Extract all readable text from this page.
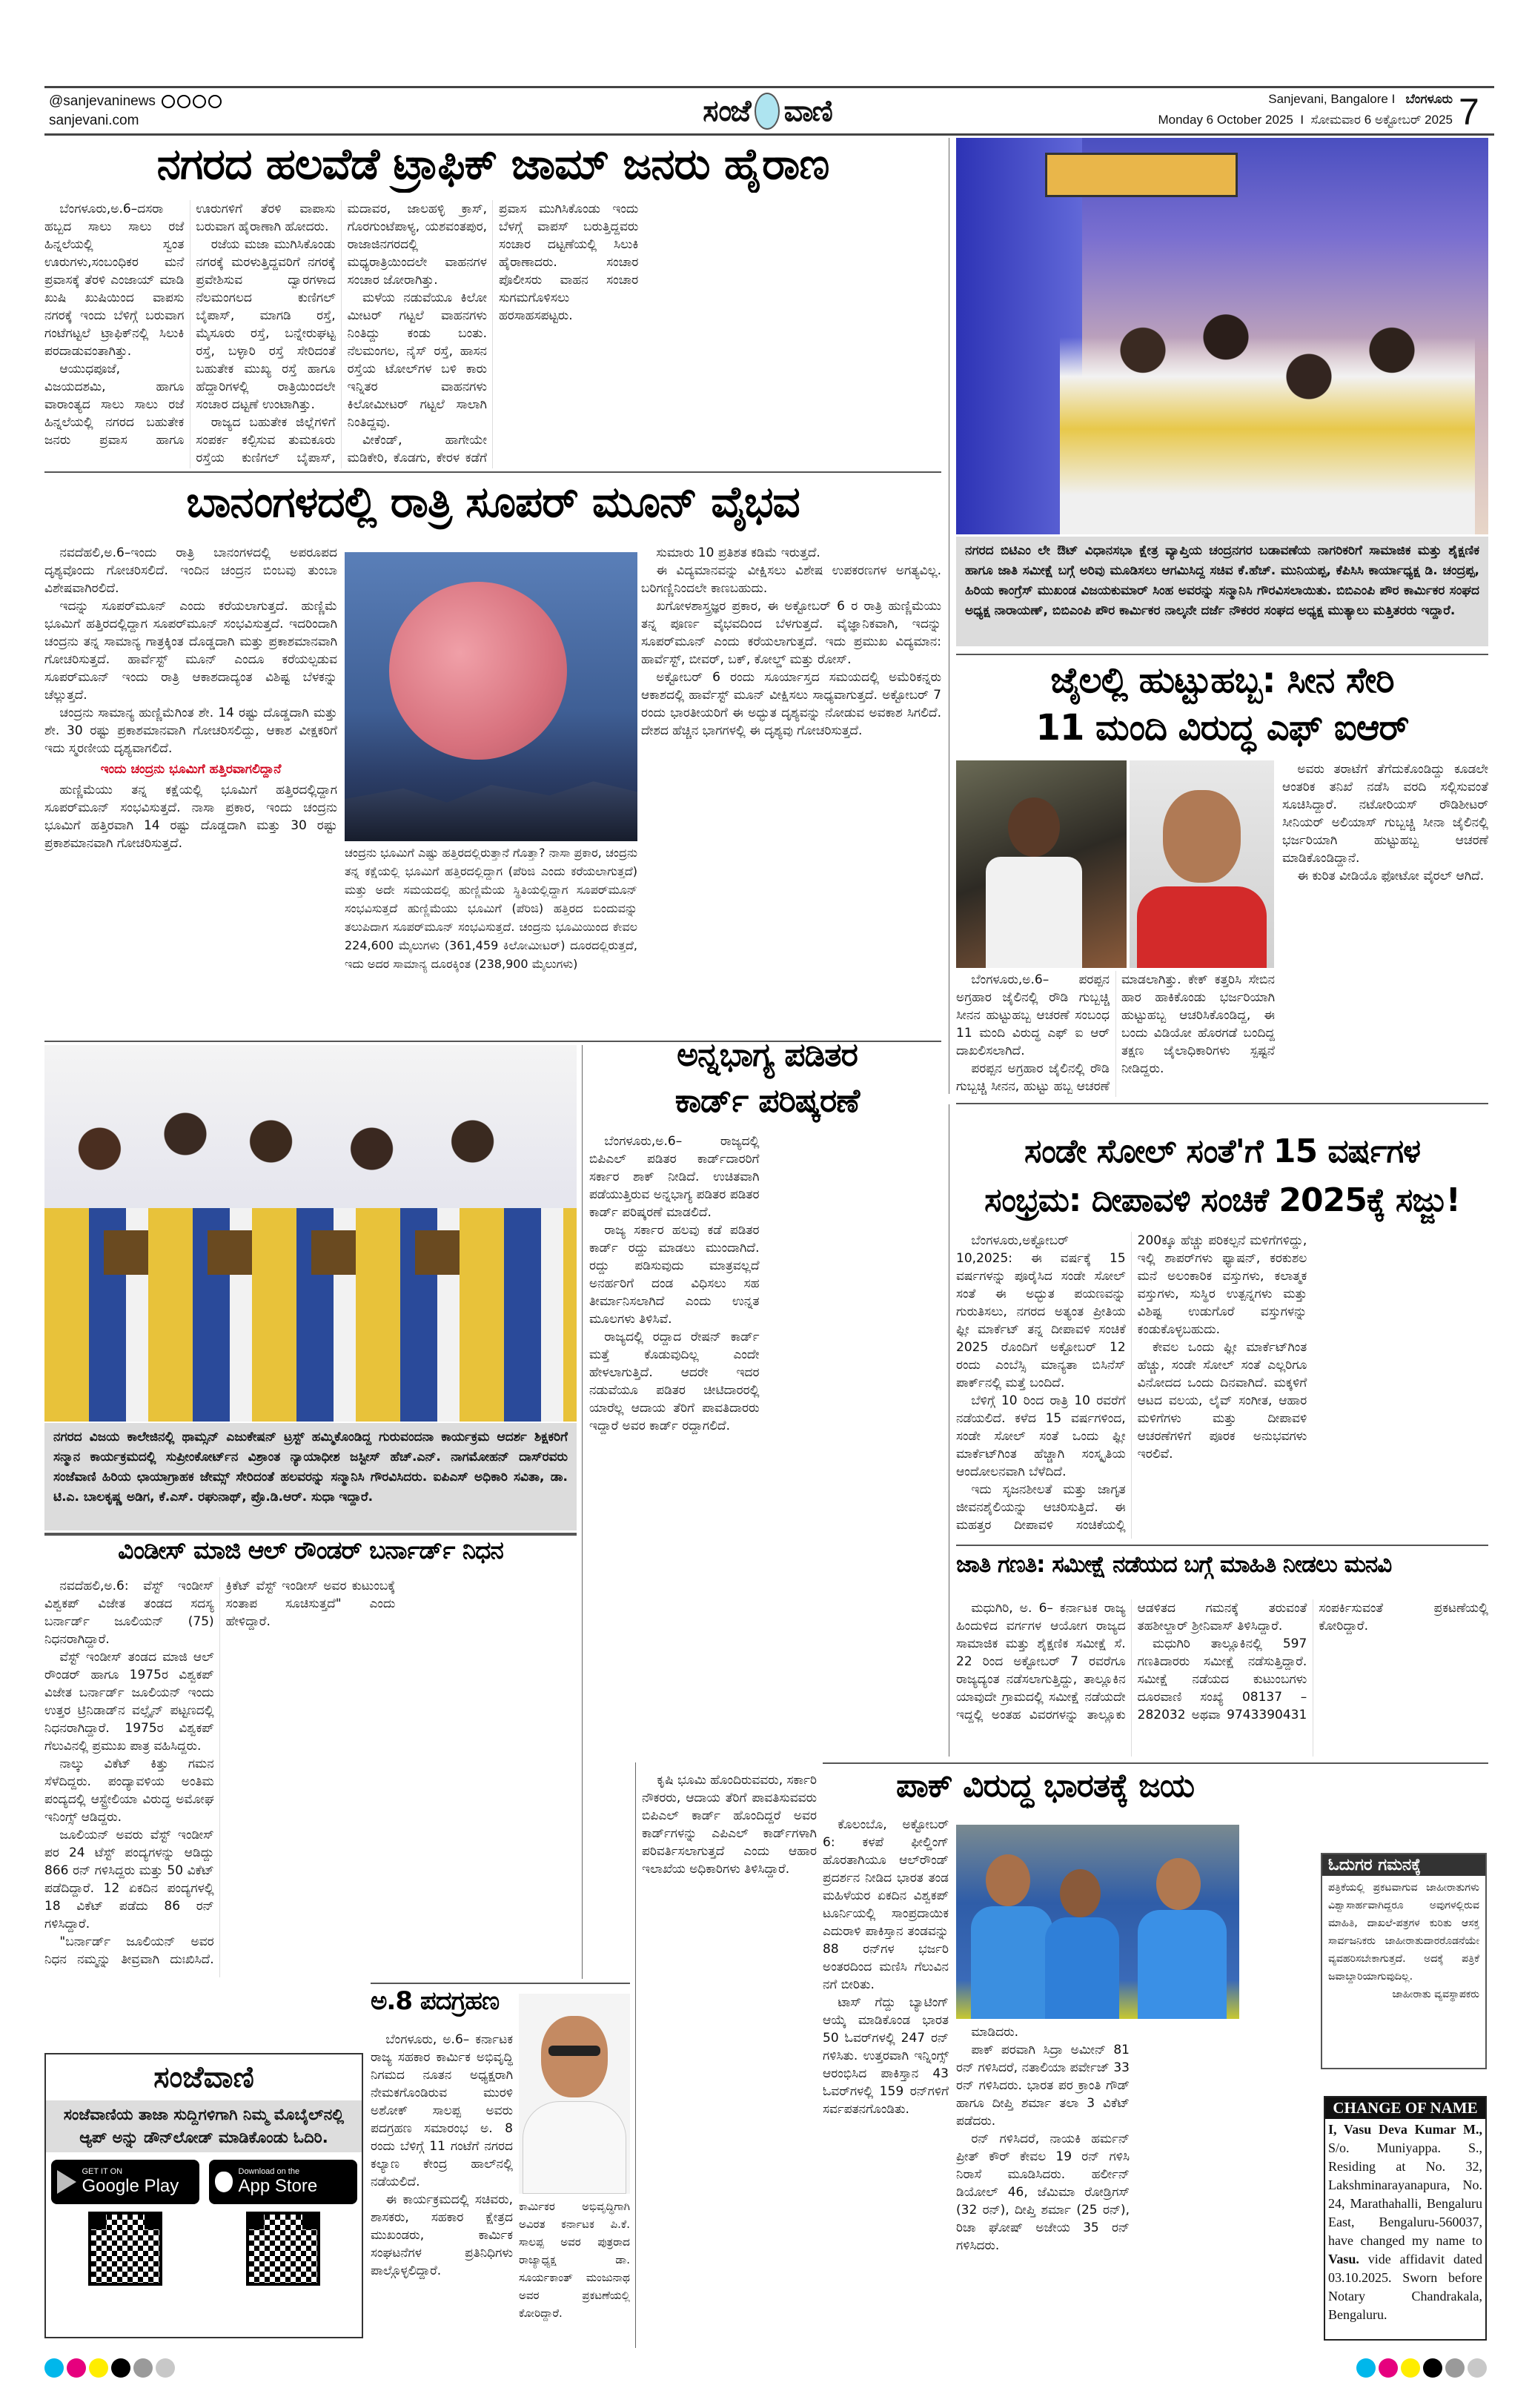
@sanjevaninews
sanjevani.com	ಸಂಜೆ ವಾಣಿ	Sanjevani, Bangalore I ಬೆಂಗಳೂರು
Monday 6 October 2025 I ಸೋಮವಾರ 6 ಅಕ್ಟೋಬರ್ 2025 7
ನಗರದ ಹಲವೆಡೆ ಟ್ರಾಫಿಕ್ ಜಾಮ್ ಜನರು ಹೈರಾಣ

ಬೆಂಗಳೂರು,ಅ.6–ದಸರಾ ಹಬ್ಬದ ಸಾಲು ಸಾಲು ರಜೆ ಹಿನ್ನಲೆಯಲ್ಲಿ ಸ್ವಂತ ಊರುಗಳು,ಸಂಬಂಧಿಕರ ಮನೆ ಪ್ರವಾಸಕ್ಕೆ ತೆರಳಿ ಎಂಜಾಯ್ ಮಾಡಿ ಖುಷಿ ಖುಷಿಯಿಂದ ವಾಪಸು ನಗರಕ್ಕೆ ಇಂದು ಬೆಳಿಗ್ಗೆ ಬರುವಾಗ ಗಂಟೆಗಟ್ಟಲೆ ಟ್ರಾಫಿಕ್‌ನಲ್ಲಿ ಸಿಲುಕಿ ಪರದಾಡುವಂತಾಗಿತ್ತು.

ಆಯುಧಪೂಜೆ, ವಿಜಯದಶಮಿ, ಹಾಗೂ ವಾರಾಂತ್ಯದ ಸಾಲು ಸಾಲು ರಜೆ ಹಿನ್ನಲೆಯಲ್ಲಿ ನಗರದ ಬಹುತೇಕ ಜನರು ಪ್ರವಾಸ ಹಾಗೂ ಊರುಗಳಿಗೆ ತೆರಳಿ ವಾಪಾಸು ಬರುವಾಗ ಹೈರಾಣಾಗಿ ಹೋದರು.

ರಜೆಯ ಮಜಾ ಮುಗಿಸಿಕೊಂಡು ನಗರಕ್ಕೆ ಮರಳುತ್ತಿದ್ದವರಿಗೆ ನಗರಕ್ಕೆ ಪ್ರವೇಶಿಸುವ ದ್ವಾರಗಳಾದ ನೆಲಮಂಗಲದ ಕುಣಿಗಲ್ ಬೈಪಾಸ್, ಮಾಗಡಿ ರಸ್ತೆ, ಮೈಸೂರು ರಸ್ತೆ, ಬನ್ನೇರುಘಟ್ಟ ರಸ್ತೆ, ಬಳ್ಳಾರಿ ರಸ್ತೆ ಸೇರಿದಂತೆ ಬಹುತೇಕ ಮುಖ್ಯ ರಸ್ತೆ ಹಾಗೂ ಹೆದ್ದಾರಿಗಳಲ್ಲಿ ರಾತ್ರಿಯಿಂದಲೇ ಸಂಚಾರ ದಟ್ಟಣೆ ಉಂಟಾಗಿತ್ತು.

ರಾಜ್ಯದ ಬಹುತೇಕ ಜಿಲ್ಲೆಗಳಿಗೆ ಸಂಪರ್ಕ ಕಲ್ಪಿಸುವ ತುಮಕೂರು ರಸ್ತೆಯ ಕುಣಿಗಲ್ ಬೈಪಾಸ್, ಮದಾವರ, ಜಾಲಹಳ್ಳಿ ಕ್ರಾಸ್, ಗೊರಗುಂಟೆಪಾಳ್ಯ, ಯಶವಂತಪುರ, ರಾಜಾಜಿನಗರದಲ್ಲಿ ಮಧ್ಯರಾತ್ರಿಯಿಂದಲೇ ವಾಹನಗಳ ಸಂಚಾರ ಜೋರಾಗಿತ್ತು.

ಮಳೆಯ ನಡುವೆಯೂ ಕಿಲೋ ಮೀಟರ್ ಗಟ್ಟಲೆ ವಾಹನಗಳು ನಿಂತಿದ್ದು ಕಂಡು ಬಂತು. ನೆಲಮಂಗಲ, ನೈಸ್ ರಸ್ತೆ, ಹಾಸನ ರಸ್ತೆಯ ಟೋಲ್‌ಗಳ ಬಳಿ ಕಾರು ಇನ್ನಿತರ ವಾಹನಗಳು ಕಿಲೋಮೀಟರ್ ಗಟ್ಟಲೆ ಸಾಲಾಗಿ ನಿಂತಿದ್ದವು.

ವೀಕೆಂಡ್, ಹಾಗೇಯೇ ಮಡಿಕೇರಿ, ಕೊಡಗು, ಕೇರಳ ಕಡೆಗೆ ಪ್ರವಾಸ ಮುಗಿಸಿಕೊಂಡು ಇಂದು ಬೆಳಗ್ಗೆ ವಾಪಸ್ ಬರುತ್ತಿದ್ದವರು ಸಂಚಾರ ದಟ್ಟಣೆಯಲ್ಲಿ ಸಿಲುಕಿ ಹೈರಾಣಾದರು. ಸಂಚಾರ ಪೊಲೀಸರು ವಾಹನ ಸಂಚಾರ ಸುಗಮಗೊಳಿಸಲು ಹರಸಾಹಸಪಟ್ಟರು.

ನಗರದ ಬಿಟಿಎಂ ಲೇ ಔಟ್ ವಿಧಾನಸಭಾ ಕ್ಷೇತ್ರ ವ್ಯಾಪ್ತಿಯ ಚಂದ್ರನಗರ ಬಡಾವಣೆಯ ನಾಗರಿಕರಿಗೆ ಸಾಮಾಜಿಕ ಮತ್ತು ಶೈಕ್ಷಣಿಕ ಹಾಗೂ ಜಾತಿ ಸಮೀಕ್ಷೆ ಬಗ್ಗೆ ಅರಿವು ಮೂಡಿಸಲು ಆಗಮಿಸಿದ್ದ ಸಚಿವ ಕೆ.ಹೆಚ್. ಮುನಿಯಪ್ಪ, ಕೆಪಿಸಿಸಿ ಕಾರ್ಯಾಧ್ಯಕ್ಷ ಡಿ. ಚಂದ್ರಪ್ಪ, ಹಿರಿಯ ಕಾಂಗ್ರೆಸ್ ಮುಖಂಡ ವಿಜಯಕುಮಾರ್ ಸಿಂಹ ಅವರನ್ನು ಸನ್ಮಾನಿಸಿ ಗೌರವಿಸಲಾಯಿತು. ಬಿಬಿಎಂಪಿ ಪೌರ ಕಾರ್ಮಿಕರ ಸಂಘದ ಅಧ್ಯಕ್ಷ ನಾರಾಯಣ್, ಬಿಬಿಎಂಪಿ ಪೌರ ಕಾರ್ಮಿಕರ ನಾಲ್ಕನೇ ದರ್ಜೆ ನೌಕರರ ಸಂಘದ ಅಧ್ಯಕ್ಷ ಮುತ್ಯಾಲು ಮತ್ತಿತರರು ಇದ್ದಾರೆ.
ಬಾನಂಗಳದಲ್ಲಿ ರಾತ್ರಿ ಸೂಪರ್ ಮೂನ್ ವೈಭವ

ನವದೆಹಲಿ,ಅ.6–ಇಂದು ರಾತ್ರಿ ಬಾನಂಗಳದಲ್ಲಿ ಅಪರೂಪದ ದೃಶ್ಯವೊಂದು ಗೋಚರಿಸಲಿದೆ. ಇಂದಿನ ಚಂದ್ರನ ಬಿಂಬವು ತುಂಬಾ ವಿಶೇಷವಾಗಿರಲಿದೆ.

ಇದನ್ನು ಸೂಪರ್‌ಮೂನ್ ಎಂದು ಕರೆಯಲಾಗುತ್ತದೆ. ಹುಣ್ಣಿಮೆ ಭೂಮಿಗೆ ಹತ್ತಿರದಲ್ಲಿದ್ದಾಗ ಸೂಪರ್‌ಮೂನ್ ಸಂಭವಿಸುತ್ತದೆ. ಇದರಿಂದಾಗಿ ಚಂದ್ರನು ತನ್ನ ಸಾಮಾನ್ಯ ಗಾತ್ರಕ್ಕಿಂತ ದೊಡ್ಡದಾಗಿ ಮತ್ತು ಪ್ರಕಾಶಮಾನವಾಗಿ ಗೋಚರಿಸುತ್ತದೆ. ಹಾರ್ವೆಸ್ಟ್ ಮೂನ್ ಎಂದೂ ಕರೆಯಲ್ಪಡುವ ಸೂಪರ್‌ಮೂನ್ ಇಂದು ರಾತ್ರಿ ಆಕಾಶದಾದ್ಯಂತ ವಿಶಿಷ್ಟ ಬೆಳಕನ್ನು ಚೆಲ್ಲುತ್ತದೆ.

ಚಂದ್ರನು ಸಾಮಾನ್ಯ ಹುಣ್ಣಿಮೆಗಿಂತ ಶೇ. 14 ರಷ್ಟು ದೊಡ್ಡದಾಗಿ ಮತ್ತು ಶೇ. 30 ರಷ್ಟು ಪ್ರಕಾಶಮಾನವಾಗಿ ಗೋಚರಿಸಲಿದ್ದು, ಆಕಾಶ ವೀಕ್ಷಕರಿಗೆ ಇದು ಸ್ಮರಣೀಯ ದೃಶ್ಯವಾಗಲಿದೆ.

ಇಂದು ಚಂದ್ರನು ಭೂಮಿಗೆ ಹತ್ತಿರವಾಗಲಿದ್ದಾನೆ

ಹುಣ್ಣಿಮೆಯು ತನ್ನ ಕಕ್ಷೆಯಲ್ಲಿ ಭೂಮಿಗೆ ಹತ್ತಿರದಲ್ಲಿದ್ದಾಗ ಸೂಪರ್‌ಮೂನ್ ಸಂಭವಿಸುತ್ತದೆ. ನಾಸಾ ಪ್ರಕಾರ, ಇಂದು ಚಂದ್ರನು ಭೂಮಿಗೆ ಹತ್ತಿರವಾಗಿ 14 ರಷ್ಟು ದೊಡ್ಡದಾಗಿ ಮತ್ತು 30 ರಷ್ಟು ಪ್ರಕಾಶಮಾನವಾಗಿ ಗೋಚರಿಸುತ್ತದೆ.

ಚಂದ್ರನು ಭೂಮಿಗೆ ಎಷ್ಟು ಹತ್ತಿರದಲ್ಲಿರುತ್ತಾನೆ ಗೊತ್ತಾ? ನಾಸಾ ಪ್ರಕಾರ, ಚಂದ್ರನು ತನ್ನ ಕಕ್ಷೆಯಲ್ಲಿ ಭೂಮಿಗೆ ಹತ್ತಿರದಲ್ಲಿದ್ದಾಗ (ಪೆರಿಜಿ ಎಂದು ಕರೆಯಲಾಗುತ್ತದೆ) ಮತ್ತು ಅದೇ ಸಮಯದಲ್ಲಿ ಹುಣ್ಣಿಮೆಯ ಸ್ಥಿತಿಯಲ್ಲಿದ್ದಾಗ ಸೂಪರ್‌ಮೂನ್ ಸಂಭವಿಸುತ್ತದೆ ಹುಣ್ಣಿಮೆಯು ಭೂಮಿಗೆ (ಪೆರಿಜಿ) ಹತ್ತಿರದ ಬಿಂದುವನ್ನು ತಲುಪಿದಾಗ ಸೂಪರ್‌ಮೂನ್ ಸಂಭವಿಸುತ್ತದೆ. ಚಂದ್ರನು ಭೂಮಿಯಿಂದ ಕೇವಲ 224,600 ಮೈಲುಗಳು (361,459 ಕಿಲೋಮೀಟರ್) ದೂರದಲ್ಲಿರುತ್ತದೆ, ಇದು ಅದರ ಸಾಮಾನ್ಯ ದೂರಕ್ಕಿಂತ (238,900 ಮೈಲುಗಳು)

ಸುಮಾರು 10 ಪ್ರತಿಶತ ಕಡಿಮೆ ಇರುತ್ತದೆ.

ಈ ವಿದ್ಯಮಾನವನ್ನು ವೀಕ್ಷಿಸಲು ವಿಶೇಷ ಉಪಕರಣಗಳ ಅಗತ್ಯವಿಲ್ಲ. ಬರಿಗಣ್ಣಿನಿಂದಲೇ ಕಾಣಬಹುದು.

ಖಗೋಳಶಾಸ್ತ್ರಜ್ಞರ ಪ್ರಕಾರ, ಈ ಅಕ್ಟೋಬರ್ 6 ರ ರಾತ್ರಿ ಹುಣ್ಣಿಮೆಯು ತನ್ನ ಪೂರ್ಣ ವೈಭವದಿಂದ ಬೆಳಗುತ್ತದೆ. ವೈಜ್ಞಾನಿಕವಾಗಿ, ಇದನ್ನು ಸೂಪರ್‌ಮೂನ್ ಎಂದು ಕರೆಯಲಾಗುತ್ತದೆ. ಇದು ಪ್ರಮುಖ ವಿದ್ಯಮಾನ: ಹಾರ್ವೆಸ್ಟ್, ಬೀವರ್, ಬಕ್, ಕೋಲ್ಡ್ ಮತ್ತು ರೋಸ್.

ಅಕ್ಟೋಬರ್ 6 ರಂದು ಸೂರ್ಯಾಸ್ತದ ಸಮಯದಲ್ಲಿ ಅಮೆರಿಕನ್ನರು ಆಕಾಶದಲ್ಲಿ ಹಾರ್ವೆಸ್ಟ್ ಮೂನ್ ವೀಕ್ಷಿಸಲು ಸಾಧ್ಯವಾಗುತ್ತದೆ. ಅಕ್ಟೋಬರ್ 7 ರಂದು ಭಾರತೀಯರಿಗೆ ಈ ಅದ್ಭುತ ದೃಶ್ಯವನ್ನು ನೋಡುವ ಅವಕಾಶ ಸಿಗಲಿದೆ. ದೇಶದ ಹೆಚ್ಚಿನ ಭಾಗಗಳಲ್ಲಿ ಈ ದೃಶ್ಯವು ಗೋಚರಿಸುತ್ತದೆ.

ಜೈಲಲ್ಲಿ ಹುಟ್ಟುಹಬ್ಬ: ಸೀನ ಸೇರಿ
11 ಮಂದಿ ವಿರುದ್ಧ ಎಫ್ ಐಆರ್

ಬೆಂಗಳೂರು,ಅ.6– ಪರಪ್ಪನ ಅಗ್ರಹಾರ ಜೈಲಿನಲ್ಲಿ ರೌಡಿ ಗುಬ್ಬಚ್ಚಿ ಸೀನನ ಹುಟ್ಟುಹಬ್ಬ ಆಚರಣೆ ಸಂಬಂಧ 11 ಮಂದಿ ವಿರುದ್ಧ ಎಫ್ ಐ ಆರ್ ದಾಖಲಿಸಲಾಗಿದೆ.

ಪರಪ್ಪನ ಅಗ್ರಹಾರ ಜೈಲಿನಲ್ಲಿ ರೌಡಿ ಗುಬ್ಬಚ್ಚಿ ಸೀನನ, ಹುಟ್ಟು ಹಬ್ಬ ಆಚರಣೆ ಮಾಡಲಾಗಿತ್ತು. ಕೇಕ್ ಕತ್ತರಿಸಿ ಸೇಬಿನ ಹಾರ ಹಾಕಿಕೊಂಡು ಭರ್ಜರಿಯಾಗಿ ಹುಟ್ಟುಹಬ್ಬ ಆಚರಿಸಿಕೊಂಡಿದ್ದ, ಈ ಬಂದು ವಿಡಿಯೋ ಹೊರಗಡೆ ಬಂದಿದ್ದ ತಕ್ಷಣ ಜೈಲಾಧಿಕಾರಿಗಳು ಸ್ಪಷ್ಟನೆ ನೀಡಿದ್ದರು.

ಅವರು ತರಾಟೆಗೆ ತೆಗೆದುಕೊಂಡಿದ್ದು ಕೂಡಲೇ ಆಂತರಿಕ ತನಿಖೆ ನಡೆಸಿ ವರದಿ ಸಲ್ಲಿಸುವಂತೆ ಸೂಚಿಸಿದ್ದಾರೆ. ನಟೋರಿಯಸ್ ರೌಡಿಶೀಟರ್ ಸೀನಿಯರ್ ಅಲಿಯಾಸ್ ಗುಬ್ಬಚ್ಚಿ ಸೀನಾ ಜೈಲಿನಲ್ಲಿ ಭರ್ಜರಿಯಾಗಿ ಹುಟ್ಟುಹಬ್ಬ ಆಚರಣೆ ಮಾಡಿಕೊಂಡಿದ್ದಾನೆ.

ಈ ಕುರಿತ ವೀಡಿಯೊ ಫೋಟೋ ವೈರಲ್ ಆಗಿದೆ.

ನಗರದ ವಿಜಯ ಕಾಲೇಜಿನಲ್ಲಿ ಥಾಮ್ಸನ್ ಎಜುಕೇಷನ್ ಟ್ರಸ್ಟ್ ಹಮ್ಮಿಕೊಂಡಿದ್ದ ಗುರುವಂದನಾ ಕಾರ್ಯಕ್ರಮ ಆದರ್ಶ ಶಿಕ್ಷಕರಿಗೆ ಸನ್ಮಾನ ಕಾರ್ಯಕ್ರಮದಲ್ಲಿ ಸುಪ್ರೀಂಕೋರ್ಟ್‌ನ ವಿಶ್ರಾಂತ ನ್ಯಾಯಾಧೀಶ ಜಸ್ಟೀಸ್ ಹೆಚ್.ಎನ್. ನಾಗಮೋಹನ್ ದಾಸ್‌ರವರು ಸಂಜೆವಾಣಿ ಹಿರಿಯ ಛಾಯಾಗ್ರಾಹಕ ಜೇಮ್ಸ್ ಸೇರಿದಂತೆ ಹಲವರನ್ನು ಸನ್ಮಾನಿಸಿ ಗೌರವಿಸಿದರು. ಐಪಿಎಸ್ ಅಧಿಕಾರಿ ಸವಿತಾ, ಡಾ. ಟಿ.ಎ. ಬಾಲಕೃಷ್ಣ ಅಡಿಗ, ಕೆ.ಎಸ್. ರಘುನಾಥ್, ಪ್ರೊ.ಡಿ.ಆರ್. ಸುಧಾ ಇದ್ದಾರೆ.
ಅನ್ನಭಾಗ್ಯ ಪಡಿತರ
ಕಾರ್ಡ್ ಪರಿಷ್ಕರಣೆ

ಬೆಂಗಳೂರು,ಅ.6– ರಾಜ್ಯದಲ್ಲಿ ಬಿಪಿಎಲ್ ಪಡಿತರ ಕಾರ್ಡ್‌ದಾರರಿಗೆ ಸರ್ಕಾರ ಶಾಕ್ ನೀಡಿದೆ. ಉಚಿತವಾಗಿ ಪಡೆಯುತ್ತಿರುವ ಅನ್ನಭಾಗ್ಯ ಪಡಿತರ ಪಡಿತರ ಕಾರ್ಡ್ ಪರಿಷ್ಕರಣೆ ಮಾಡಲಿದೆ.

ರಾಜ್ಯ ಸರ್ಕಾರ ಹಲವು ಕಡೆ ಪಡಿತರ ಕಾರ್ಡ್ ರದ್ದು ಮಾಡಲು ಮುಂದಾಗಿದೆ. ರದ್ದು ಪಡಿಸುವುದು ಮಾತ್ರವಲ್ಲದೆ ಅನರ್ಹರಿಗೆ ದಂಡ ವಿಧಿಸಲು ಸಹ ತೀರ್ಮಾನಿಸಲಾಗಿದೆ ಎಂದು ಉನ್ನತ ಮೂಲಗಳು ತಿಳಿಸಿವೆ.

ರಾಜ್ಯದಲ್ಲಿ ರದ್ದಾದ ರೇಷನ್ ಕಾರ್ಡ್ ಮತ್ತೆ ಕೊಡುವುದಿಲ್ಲ ಎಂದೇ ಹೇಳಲಾಗುತ್ತಿದೆ. ಆದರೇ ಇದರ ನಡುವೆಯೂ ಪಡಿತರ ಚೀಟಿದಾರರಲ್ಲಿ ಯಾರೆಲ್ಲ ಆದಾಯ ತೆರಿಗೆ ಪಾವತಿದಾರರು ಇದ್ದಾರೆ ಅವರ ಕಾರ್ಡ್ ರದ್ದಾಗಲಿದೆ.

ಕೃಷಿ ಭೂಮಿ ಹೊಂದಿರುವವರು, ಸರ್ಕಾರಿ ನೌಕರರು, ಆದಾಯ ತೆರಿಗೆ ಪಾವತಿಸುವವರು ಬಿಪಿಎಲ್ ಕಾರ್ಡ್ ಹೊಂದಿದ್ದರೆ ಅವರ ಕಾರ್ಡ್‌ಗಳನ್ನು ಎಪಿಎಲ್ ಕಾರ್ಡ್‌ಗಳಾಗಿ ಪರಿವರ್ತಿಸಲಾಗುತ್ತದೆ ಎಂದು ಆಹಾರ ಇಲಾಖೆಯ ಅಧಿಕಾರಿಗಳು ತಿಳಿಸಿದ್ದಾರೆ.

ಸಂಡೇ ಸೋಲ್ ಸಂತೆ'ಗೆ 15 ವರ್ಷಗಳ
ಸಂಭ್ರಮ: ದೀಪಾವಳಿ ಸಂಚಿಕೆ 2025ಕ್ಕೆ ಸಜ್ಜು!

ಬೆಂಗಳೂರು,ಅಕ್ಟೋಬರ್ 10,2025: ಈ ವರ್ಷಕ್ಕೆ 15 ವರ್ಷಗಳನ್ನು ಪೂರೈಸಿದ ಸಂಡೇ ಸೋಲ್ ಸಂತೆ ಈ ಅದ್ಭುತ ಪಯಣವನ್ನು ಗುರುತಿಸಲು, ನಗರದ ಅತ್ಯಂತ ಪ್ರೀತಿಯ ಫ್ಲೀ ಮಾರ್ಕೆಟ್ ತನ್ನ ದೀಪಾವಳಿ ಸಂಚಿಕೆ 2025 ರೊಂದಿಗೆ ಅಕ್ಟೋಬರ್ 12 ರಂದು ಎಂಬೆಸ್ಸಿ ಮಾನ್ಯತಾ ಬಿಸಿನೆಸ್ ಪಾರ್ಕ್‌ನಲ್ಲಿ ಮತ್ತೆ ಬಂದಿದೆ.

ಬೆಳಿಗ್ಗೆ 10 ರಿಂದ ರಾತ್ರಿ 10 ರವರೆಗೆ ನಡೆಯಲಿದೆ. ಕಳೆದ 15 ವರ್ಷಗಳಿಂದ, ಸಂಡೇ ಸೋಲ್ ಸಂತೆ ಒಂದು ಫ್ಲೀ ಮಾರ್ಕೆಟ್‌ಗಿಂತ ಹೆಚ್ಚಾಗಿ ಸಂಸ್ಕೃತಿಯ ಆಂದೋಲನವಾಗಿ ಬೆಳೆದಿದೆ.

ಇದು ಸೃಜನಶೀಲತೆ ಮತ್ತು ಜಾಗೃತ ಜೀವನಶೈಲಿಯನ್ನು ಆಚರಿಸುತ್ತಿದೆ. ಈ ಮಹತ್ತರ ದೀಪಾವಳಿ ಸಂಚಿಕೆಯಲ್ಲಿ 200ಕ್ಕೂ ಹೆಚ್ಚು ಪರಿಕಲ್ಪನೆ ಮಳಿಗೆಗಳಿದ್ದು, ಇಲ್ಲಿ ಶಾಪರ್‌ಗಳು ಫ್ಯಾಷನ್, ಕರಕುಶಲ ಮನೆ ಅಲಂಕಾರಿಕ ವಸ್ತುಗಳು, ಕಲಾತ್ಮಕ ವಸ್ತುಗಳು, ಸುಸ್ಥಿರ ಉತ್ಪನ್ನಗಳು ಮತ್ತು ವಿಶಿಷ್ಟ ಉಡುಗೊರೆ ವಸ್ತುಗಳನ್ನು ಕಂಡುಕೊಳ್ಳಬಹುದು.

ಕೇವಲ ಒಂದು ಫ್ಲೀ ಮಾರ್ಕೆಟ್‌ಗಿಂತ ಹೆಚ್ಚು, ಸಂಡೇ ಸೋಲ್ ಸಂತೆ ಎಲ್ಲರಿಗೂ ವಿನೋದದ ಒಂದು ದಿನವಾಗಿದೆ. ಮಕ್ಕಳಿಗೆ ಆಟದ ವಲಯ, ಲೈವ್ ಸಂಗೀತ, ಆಹಾರ ಮಳಿಗೆಗಳು ಮತ್ತು ದೀಪಾವಳಿ ಆಚರಣೆಗಳಿಗೆ ಪೂರಕ ಅನುಭವಗಳು ಇರಲಿವೆ.

ಜಾತಿ ಗಣತಿ: ಸಮೀಕ್ಷೆ ನಡೆಯದ ಬಗ್ಗೆ ಮಾಹಿತಿ ನೀಡಲು ಮನವಿ

ಮಧುಗಿರಿ, ಅ. 6– ಕರ್ನಾಟಕ ರಾಜ್ಯ ಹಿಂದುಳಿದ ವರ್ಗಗಳ ಆಯೋಗ ರಾಜ್ಯದ ಸಾಮಾಜಿಕ ಮತ್ತು ಶೈಕ್ಷಣಿಕ ಸಮೀಕ್ಷೆ ಸೆ. 22 ರಿಂದ ಅಕ್ಟೋಬರ್ 7 ರವರೆಗೂ ರಾಜ್ಯದ್ಯಂತ ನಡೆಸಲಾಗುತ್ತಿದ್ದು, ತಾಲ್ಲೂಕಿನ ಯಾವುದೇ ಗ್ರಾಮದಲ್ಲಿ ಸಮೀಕ್ಷೆ ನಡೆಯದೇ ಇದ್ದಲ್ಲಿ ಅಂತಹ ವಿವರಗಳನ್ನು ತಾಲ್ಲೂಕು ಆಡಳಿತದ ಗಮನಕ್ಕೆ ತರುವಂತೆ ತಹಶೀಲ್ದಾರ್ ಶ್ರೀನಿವಾಸ್ ತಿಳಿಸಿದ್ದಾರೆ.

ಮಧುಗಿರಿ ತಾಲ್ಲೂಕಿನಲ್ಲಿ 597 ಗಣತಿದಾರರು ಸಮೀಕ್ಷೆ ನಡೆಸುತ್ತಿದ್ದಾರೆ. ಸಮೀಕ್ಷೆ ನಡೆಯದ ಕುಟುಂಬಗಳು ದೂರವಾಣಿ ಸಂಖ್ಯೆ 08137 –282032 ಅಥವಾ 9743390431 ಸಂಪರ್ಕಿಸುವಂತೆ ಪ್ರಕಟಣೆಯಲ್ಲಿ ಕೋರಿದ್ದಾರೆ.

ವಿಂಡೀಸ್ ಮಾಜಿ ಆಲ್ ರೌಂಡರ್ ಬರ್ನಾರ್ಡ್ ನಿಧನ

ನವದೆಹಲಿ,ಅ.6: ವೆಸ್ಟ್ ಇಂಡೀಸ್ ವಿಶ್ವಕಪ್ ವಿಜೇತ ತಂಡದ ಸದಸ್ಯ ಬರ್ನಾರ್ಡ್ ಜೂಲಿಯನ್ (75) ನಿಧನರಾಗಿದ್ದಾರೆ.

ವೆಸ್ಟ್ ಇಂಡೀಸ್ ತಂಡದ ಮಾಜಿ ಆಲ್ ರೌಂಡರ್ ಹಾಗೂ 1975ರ ವಿಶ್ವಕಪ್ ವಿಜೇತ ಬರ್ನಾರ್ಡ್ ಜೂಲಿಯನ್ ಇಂದು ಉತ್ತರ ಟ್ರಿನಿಡಾಡ್‌ನ ವಲ್ಸೈನ್ ಪಟ್ಟಣದಲ್ಲಿ ನಿಧನರಾಗಿದ್ದಾರೆ. 1975ರ ವಿಶ್ವಕಪ್ ಗೆಲುವಿನಲ್ಲಿ ಪ್ರಮುಖ ಪಾತ್ರ ವಹಿಸಿದ್ದರು.

ನಾಲ್ಕು ವಿಕೆಟ್ ಕಿತ್ತು ಗಮನ ಸೆಳೆದಿದ್ದರು. ಪಂದ್ಯಾವಳಿಯ ಅಂತಿಮ ಪಂದ್ಯದಲ್ಲಿ ಆಸ್ಟ್ರೇಲಿಯಾ ವಿರುದ್ಧ ಅಮೋಘ ಇನಿಂಗ್ಸ್ ಆಡಿದ್ದರು.

ಜೂಲಿಯನ್ ಅವರು ವೆಸ್ಟ್ ಇಂಡೀಸ್ ಪರ 24 ಟೆಸ್ಟ್ ಪಂದ್ಯಗಳನ್ನು ಆಡಿದ್ದು 866 ರನ್ ಗಳಿಸಿದ್ದರು ಮತ್ತು 50 ವಿಕೆಟ್ ಪಡೆದಿದ್ದಾರೆ. 12 ಏಕದಿನ ಪಂದ್ಯಗಳಲ್ಲಿ 18 ವಿಕೆಟ್ ಪಡೆದು 86 ರನ್ ಗಳಿಸಿದ್ದಾರೆ.

"ಬರ್ನಾರ್ಡ್ ಜೂಲಿಯನ್ ಅವರ ನಿಧನ ನಮ್ಮನ್ನು ತೀವ್ರವಾಗಿ ದುಃಖಿಸಿದೆ. ಕ್ರಿಕೆಟ್ ವೆಸ್ಟ್ ಇಂಡೀಸ್ ಅವರ ಕುಟುಂಬಕ್ಕೆ ಸಂತಾಪ ಸೂಚಿಸುತ್ತದೆ" ಎಂದು ಹೇಳಿದ್ದಾರೆ.

ಅ.8 ಪದಗ್ರಹಣ

ಬೆಂಗಳೂರು, ಅ.6– ಕರ್ನಾಟಕ ರಾಜ್ಯ ಸಹಕಾರ ಕಾರ್ಮಿಕ ಅಭಿವೃದ್ಧಿ ನಿಗಮದ ನೂತನ ಅಧ್ಯಕ್ಷರಾಗಿ ನೇಮಕಗೊಂಡಿರುವ ಮುರಳಿ ಅಶೋಕ್ ಸಾಲಪ್ಪ ಅವರು ಪದಗ್ರಹಣ ಸಮಾರಂಭ ಅ. 8 ರಂದು ಬೆಳಿಗ್ಗೆ 11 ಗಂಟೆಗೆ ನಗರದ ಕಲ್ಯಾಣ ಕೇಂದ್ರ ಹಾಲ್‌ನಲ್ಲಿ ನಡೆಯಲಿದೆ.

ಈ ಕಾರ್ಯಕ್ರಮದಲ್ಲಿ ಸಚಿವರು, ಶಾಸಕರು, ಸಹಕಾರ ಕ್ಷೇತ್ರದ ಮುಖಂಡರು, ಕಾರ್ಮಿಕ ಸಂಘಟನೆಗಳ ಪ್ರತಿನಿಧಿಗಳು ಪಾಲ್ಗೊಳ್ಳಲಿದ್ದಾರೆ.

ಕಾರ್ಮಿಕರ ಅಭಿವೃದ್ಧಿಗಾಗಿ ಅವಿರತ ಕರ್ನಾಟಕ ಪಿ.ಕೆ. ಸಾಲಪ್ಪ ಅವರ ಪುತ್ರರಾದ ರಾಜ್ಯಾಧ್ಯಕ್ಷ ಡಾ. ಸೂರ್ಯಕಾಂತ್ ಮಂಜುನಾಥ ಅವರ ಪ್ರಕಟಣೆಯಲ್ಲಿ ಕೋರಿದ್ದಾರೆ.
ಸಂಜೆವಾಣಿ
ಸಂಜೆವಾಣಿಯ ತಾಜಾ ಸುದ್ದಿಗಳಿಗಾಗಿ ನಿಮ್ಮ ಮೊಬೈಲ್‌ನಲ್ಲಿ ಆ್ಯಪ್ ಅನ್ನು ಡೌನ್‌ಲೋಡ್ ಮಾಡಿಕೊಂಡು ಓದಿರಿ.
GET IT ON
Google Play
Download on the
App Store
ಪಾಕ್ ವಿರುದ್ಧ ಭಾರತಕ್ಕೆ ಜಯ

ಕೊಲಂಬೊ, ಅಕ್ಟೋಬರ್ 6: ಕಳಪೆ ಫೀಲ್ಡಿಂಗ್ ಹೊರತಾಗಿಯೂ ಆಲ್‌ರೌಂಡ್ ಪ್ರದರ್ಶನ ನೀಡಿದ ಭಾರತ ತಂಡ ಮಹಿಳೆಯರ ಏಕದಿನ ವಿಶ್ವಕಪ್ ಟೂರ್ನಿಯಲ್ಲಿ ಸಾಂಪ್ರದಾಯಿಕ ಎದುರಾಳಿ ಪಾಕಿಸ್ತಾನ ತಂಡವನ್ನು 88 ರನ್‌ಗಳ ಭರ್ಜರಿ ಅಂತರದಿಂದ ಮಣಿಸಿ ಗೆಲುವಿನ ನಗೆ ಬೀರಿತು.

ಟಾಸ್ ಗೆದ್ದು ಬ್ಯಾಟಿಂಗ್ ಆಯ್ಕೆ ಮಾಡಿಕೊಂಡ ಭಾರತ 50 ಓವರ್‌ಗಳಲ್ಲಿ 247 ರನ್ ಗಳಿಸಿತು. ಉತ್ತರವಾಗಿ ಇನ್ನಿಂಗ್ಸ್ ಆರಂಭಿಸಿದ ಪಾಕಿಸ್ತಾನ 43 ಓವರ್‌ಗಳಲ್ಲಿ 159 ರನ್‌ಗಳಿಗೆ ಸರ್ವಪತನಗೊಂಡಿತು.

ಮಾಡಿದರು.

ಪಾಕ್ ಪರವಾಗಿ ಸಿದ್ರಾ ಅಮೀನ್ 81 ರನ್ ಗಳಿಸಿದರೆ, ನತಾಲಿಯಾ ಪರ್ವೇಜ್ 33 ರನ್ ಗಳಿಸಿದರು. ಭಾರತ ಪರ ಕ್ರಾಂತಿ ಗೌಡ್ ಹಾಗೂ ದೀಪ್ತಿ ಶರ್ಮಾ ತಲಾ 3 ವಿಕೆಟ್ ಪಡೆದರು.

ರನ್ ಗಳಿಸಿದರೆ, ನಾಯಕಿ ಹರ್ಮನ್ ಪ್ರೀತ್ ಕೌರ್ ಕೇವಲ 19 ರನ್ ಗಳಿಸಿ ನಿರಾಸೆ ಮೂಡಿಸಿದರು. ಹರ್ಲೀನ್ ಡಿಯೋಲ್ 46, ಜೆಮಿಮಾ ರೋಡ್ರಿಗಸ್ (32 ರನ್), ದೀಪ್ತಿ ಶರ್ಮಾ (25 ರನ್), ರಿಚಾ ಘೋಷ್ ಅಜೇಯ 35 ರನ್ ಗಳಿಸಿದರು.

ಓದುಗರ ಗಮನಕ್ಕೆ
ಪತ್ರಿಕೆಯಲ್ಲಿ ಪ್ರಕಟವಾಗುವ ಜಾಹೀರಾತುಗಳು ವಿಶ್ವಾಸಾರ್ಹವಾಗಿದ್ದರೂ ಅವುಗಳಲ್ಲಿರುವ ಮಾಹಿತಿ, ದಾಖಲೆ-ಪತ್ರಗಳ ಕುರಿತು ಆಸಕ್ತ ಸಾರ್ವಜನಿಕರು ಜಾಹೀರಾತುದಾರರೊಡನೆಯೇ ವ್ಯವಹರಿಸಬೇಕಾಗುತ್ತದೆ. ಅದಕ್ಕೆ ಪತ್ರಿಕೆ ಜವಾಬ್ದಾರಿಯಾಗುವುದಿಲ್ಲ.
ಜಾಹೀರಾತು ವ್ಯವಸ್ಥಾಪಕರು
CHANGE OF NAME
I, Vasu Deva Kumar M., S/o. Muniyappa. S., Residing at No. 32, Lakshminarayanapura, No. 24, Marathahalli, Bengaluru East, Bengaluru-560037, have changed my name to Vasu. vide affidavit dated 03.10.2025. Sworn before Notary Chandrakala, Bengaluru.
